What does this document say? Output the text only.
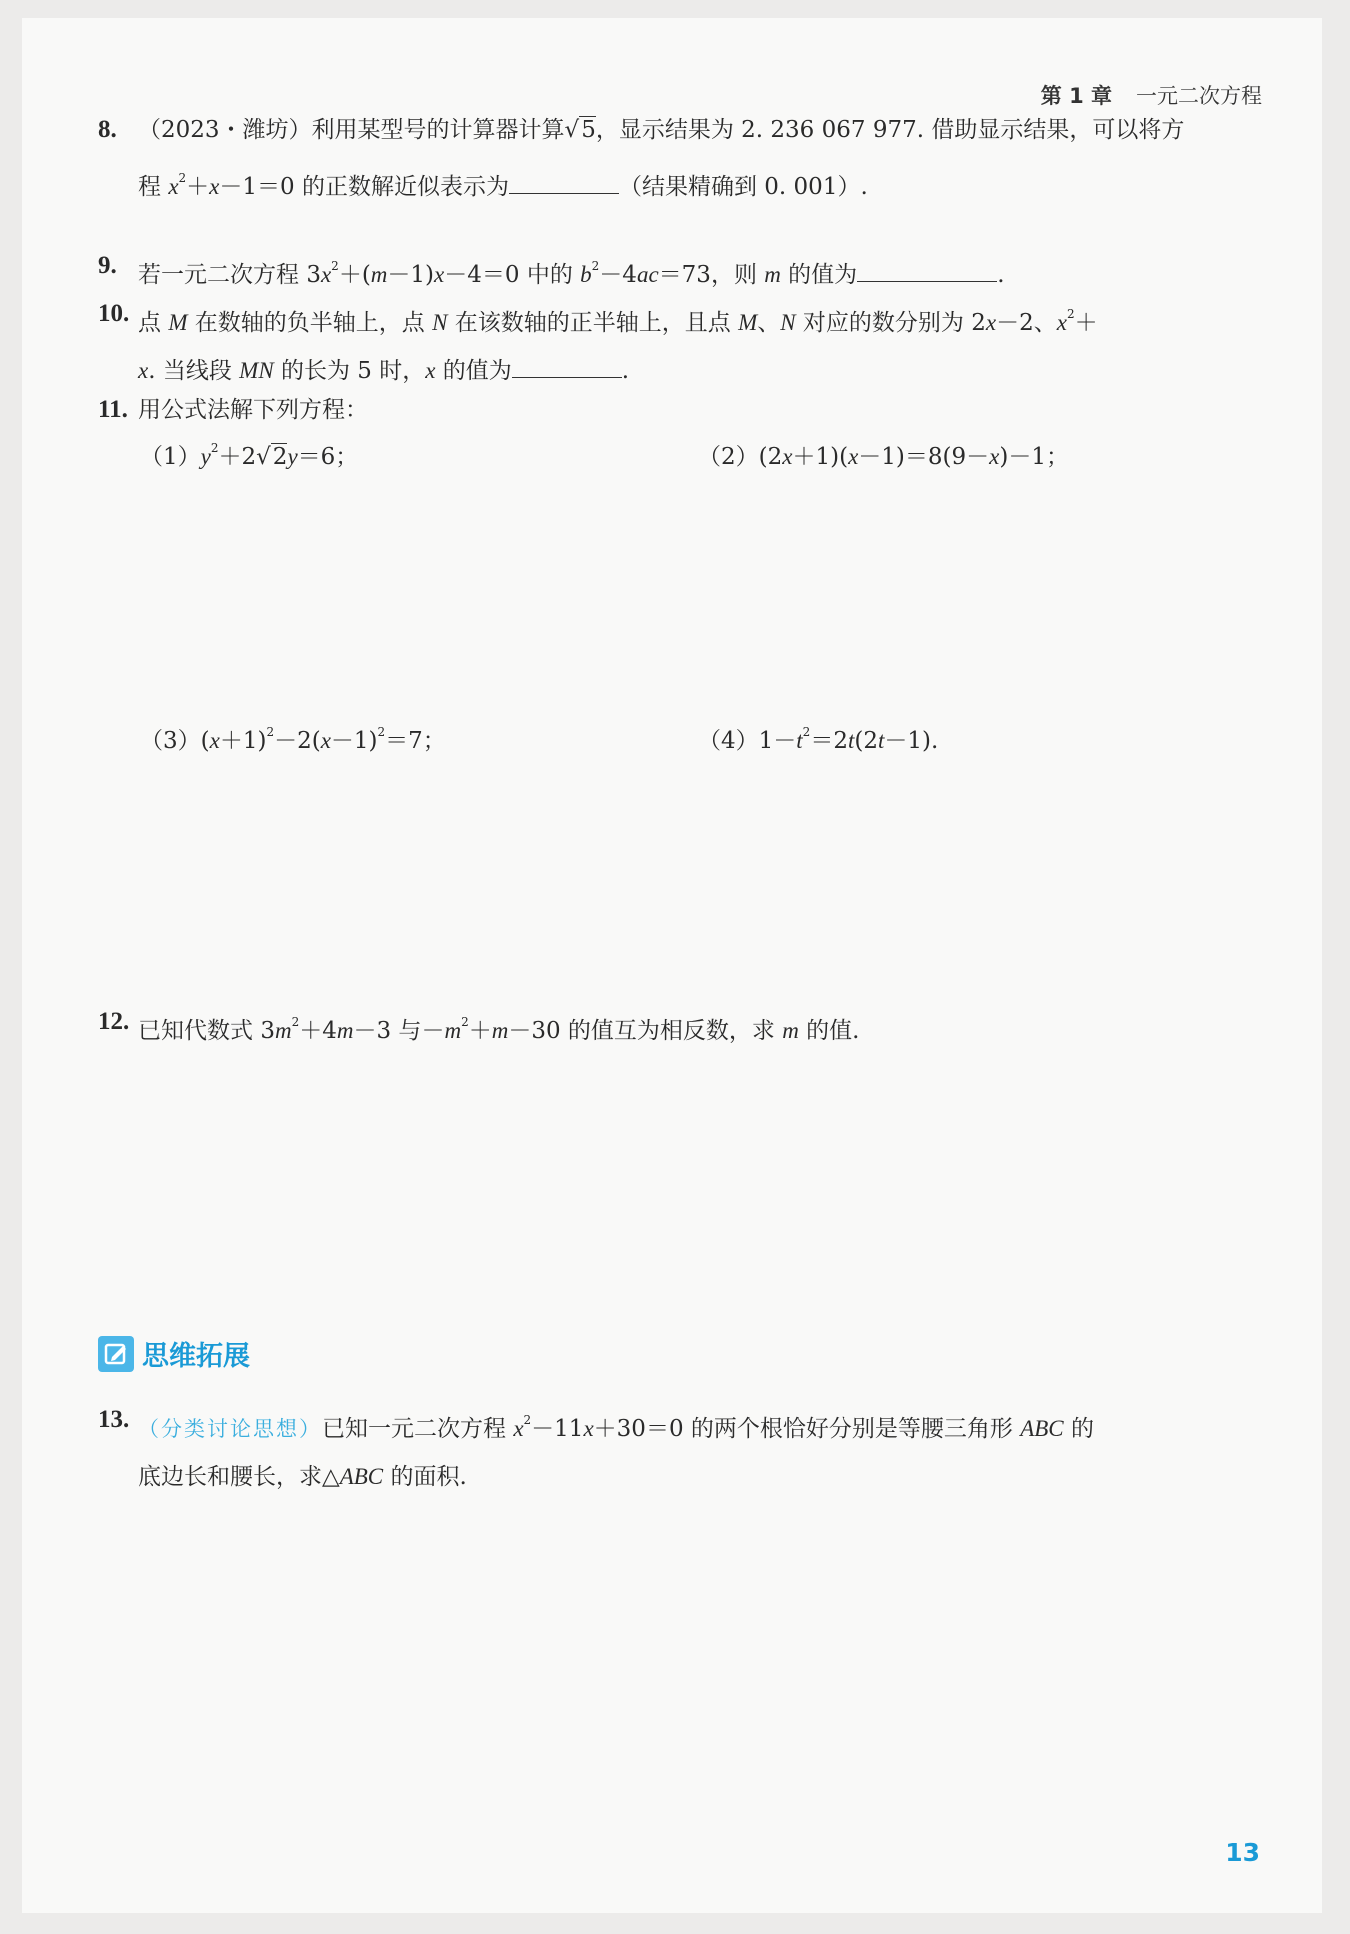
第 1 章 一元二次方程
8. （2023・潍坊）利用某型号的计算器计算√5，显示结果为 2. 236 067 977. 借助显示结果，可以将方
程 $x^2+x-1=0$ 的正数解近似表示为	（结果精确到 0. 001）.
9. 若一元二次方程 $3x^2+(m-1)x-4=0$ 中的 $b^2-4ac=73$，则 m 的值为	.
10. 点 M 在数轴的负半轴上，点 N 在该数轴的正半轴上，且点 M、N 对应的数分别为 2x－2、$x^2+$
x. 当线段 MN 的长为 5 时，x 的值为	.
11. 用公式法解下列方程：
$(1)y^2+2√2y=6$；	（2）(2x＋1)(x－1)＝8(9－x)－1；
$(3)(x+1)^2-2(x-1)^2=7$；	$(4)1-t^2=2t(2t-1)$.
12. 已知代数式 $3m^2+4m-3$ 与$-m^2+m-30$ 的值互为相反数，求 m 的值.
思维拓展
13. （分类讨论思想）已知一元二次方程 $x^2-11x+30=0$ 的两个根恰好分别是等腰三角形 ABC 的
底边长和腰长，求△ABC 的面积.
13
